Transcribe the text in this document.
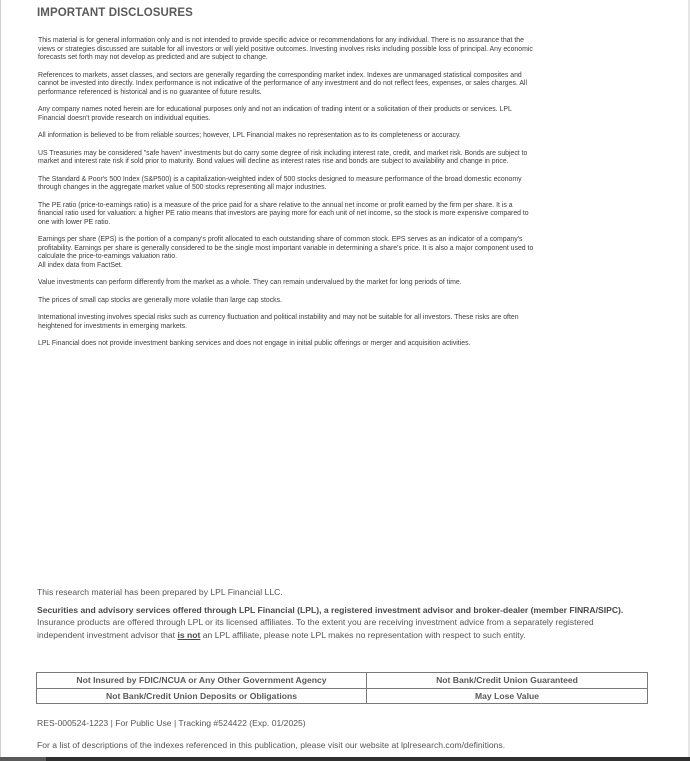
IMPORTANT DISCLOSURES

This material is for general information only and is not intended to provide specific advice or recommendations for any individual. There is no assurance that the
views or strategies discussed are suitable for all investors or will yield positive outcomes. Investing involves risks including possible loss of principal. Any economic
forecasts set forth may not develop as predicted and are subject to change.

References to markets, asset classes, and sectors are generally regarding the corresponding market index. Indexes are unmanaged statistical composites and
cannot be invested into directly. Index performance is not indicative of the performance of any investment and do not reflect fees, expenses, or sales charges. All
performance referenced is historical and is no guarantee of future results.

Any company names noted herein are for educational purposes only and not an indication of trading intent or a solicitation of their products or services. LPL
Financial doesn't provide research on individual equities.

All information is believed to be from reliable sources; however, LPL Financial makes no representation as to its completeness or accuracy.

US Treasuries may be considered "safe haven" investments but do carry some degree of risk including interest rate, credit, and market risk. Bonds are subject to
market and interest rate risk if sold prior to maturity. Bond values will decline as interest rates rise and bonds are subject to availability and change in price.

The Standard & Poor's 500 Index (S&P500) is a capitalization-weighted index of 500 stocks designed to measure performance of the broad domestic economy
through changes in the aggregate market value of 500 stocks representing all major industries.

The PE ratio (price-to-earnings ratio) is a measure of the price paid for a share relative to the annual net income or profit earned by the firm per share. It is a
financial ratio used for valuation: a higher PE ratio means that investors are paying more for each unit of net income, so the stock is more expensive compared to
one with lower PE ratio.

Earnings per share (EPS) is the portion of a company's profit allocated to each outstanding share of common stock. EPS serves as an indicator of a company's
profitability. Earnings per share is generally considered to be the single most important variable in determining a share's price. It is also a major component used to
calculate the price-to-earnings valuation ratio.
All index data from FactSet.

Value investments can perform differently from the market as a whole. They can remain undervalued by the market for long periods of time.

The prices of small cap stocks are generally more volatile than large cap stocks.

International investing involves special risks such as currency fluctuation and political instability and may not be suitable for all investors. These risks are often
heightened for investments in emerging markets.

LPL Financial does not provide investment banking services and does not engage in initial public offerings or merger and acquisition activities.

This research material has been prepared by LPL Financial LLC.

Securities and advisory services offered through LPL Financial (LPL), a registered investment advisor and broker-dealer (member FINRA/SIPC). Insurance products are offered through LPL or its licensed affiliates. To the extent you are receiving investment advice from a separately registered independent investment advisor that is not an LPL affiliate, please note LPL makes no representation with respect to such entity.

Not Insured by FDIC/NCUA or Any Other Government Agency	Not Bank/Credit Union Guaranteed
Not Bank/Credit Union Deposits or Obligations	May Lose Value

RES-000524-1223 | For Public Use | Tracking #524422 (Exp. 01/2025)

For a list of descriptions of the indexes referenced in this publication, please visit our website at lplresearch.com/definitions.
